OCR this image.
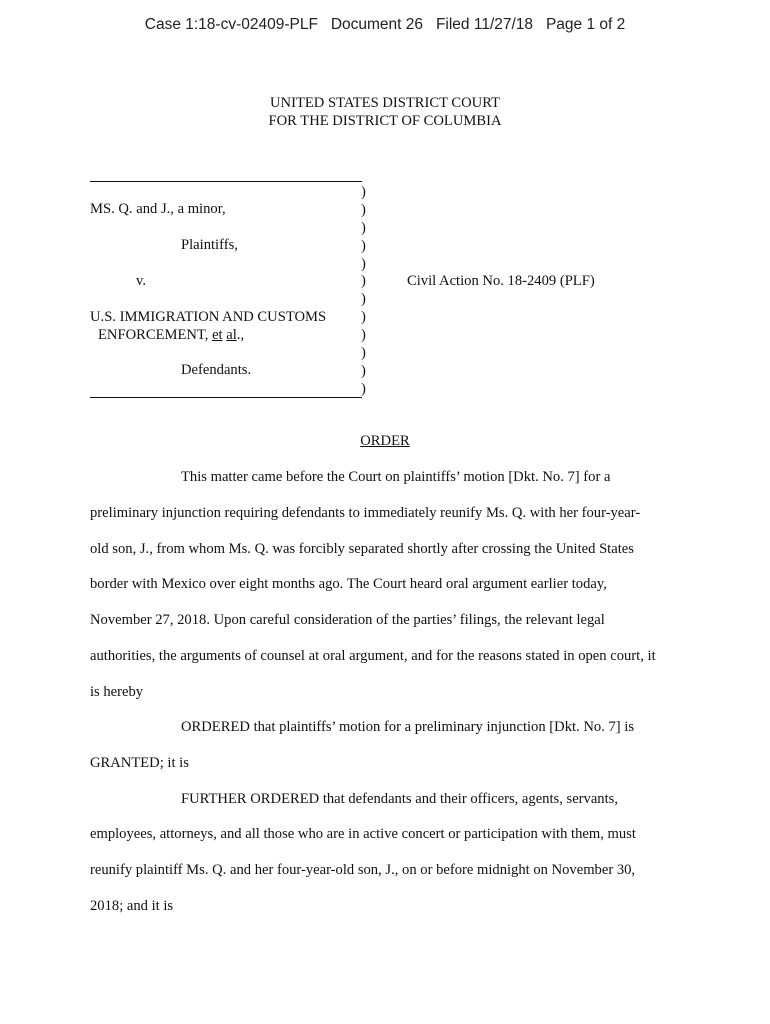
Case 1:18-cv-02409-PLF   Document 26   Filed 11/27/18   Page 1 of 2
UNITED STATES DISTRICT COURT
FOR THE DISTRICT OF COLUMBIA
)
)
)
)
)
)
)
)
)
)
)
)
MS. Q. and J., a minor,
Plaintiffs,
v.	Civil Action No. 18-2409 (PLF)
U.S. IMMIGRATION AND CUSTOMS
ENFORCEMENT, et al.,
Defendants.
ORDER
This matter came before the Court on plaintiffs’ motion [Dkt. No. 7] for a
preliminary injunction requiring defendants to immediately reunify Ms. Q. with her four-year-
old son, J., from whom Ms. Q. was forcibly separated shortly after crossing the United States
border with Mexico over eight months ago. The Court heard oral argument earlier today,
November 27, 2018. Upon careful consideration of the parties’ filings, the relevant legal
authorities, the arguments of counsel at oral argument, and for the reasons stated in open court, it
is hereby
ORDERED that plaintiffs’ motion for a preliminary injunction [Dkt. No. 7] is
GRANTED; it is
FURTHER ORDERED that defendants and their officers, agents, servants,
employees, attorneys, and all those who are in active concert or participation with them, must
reunify plaintiff Ms. Q. and her four-year-old son, J., on or before midnight on November 30,
2018; and it is
